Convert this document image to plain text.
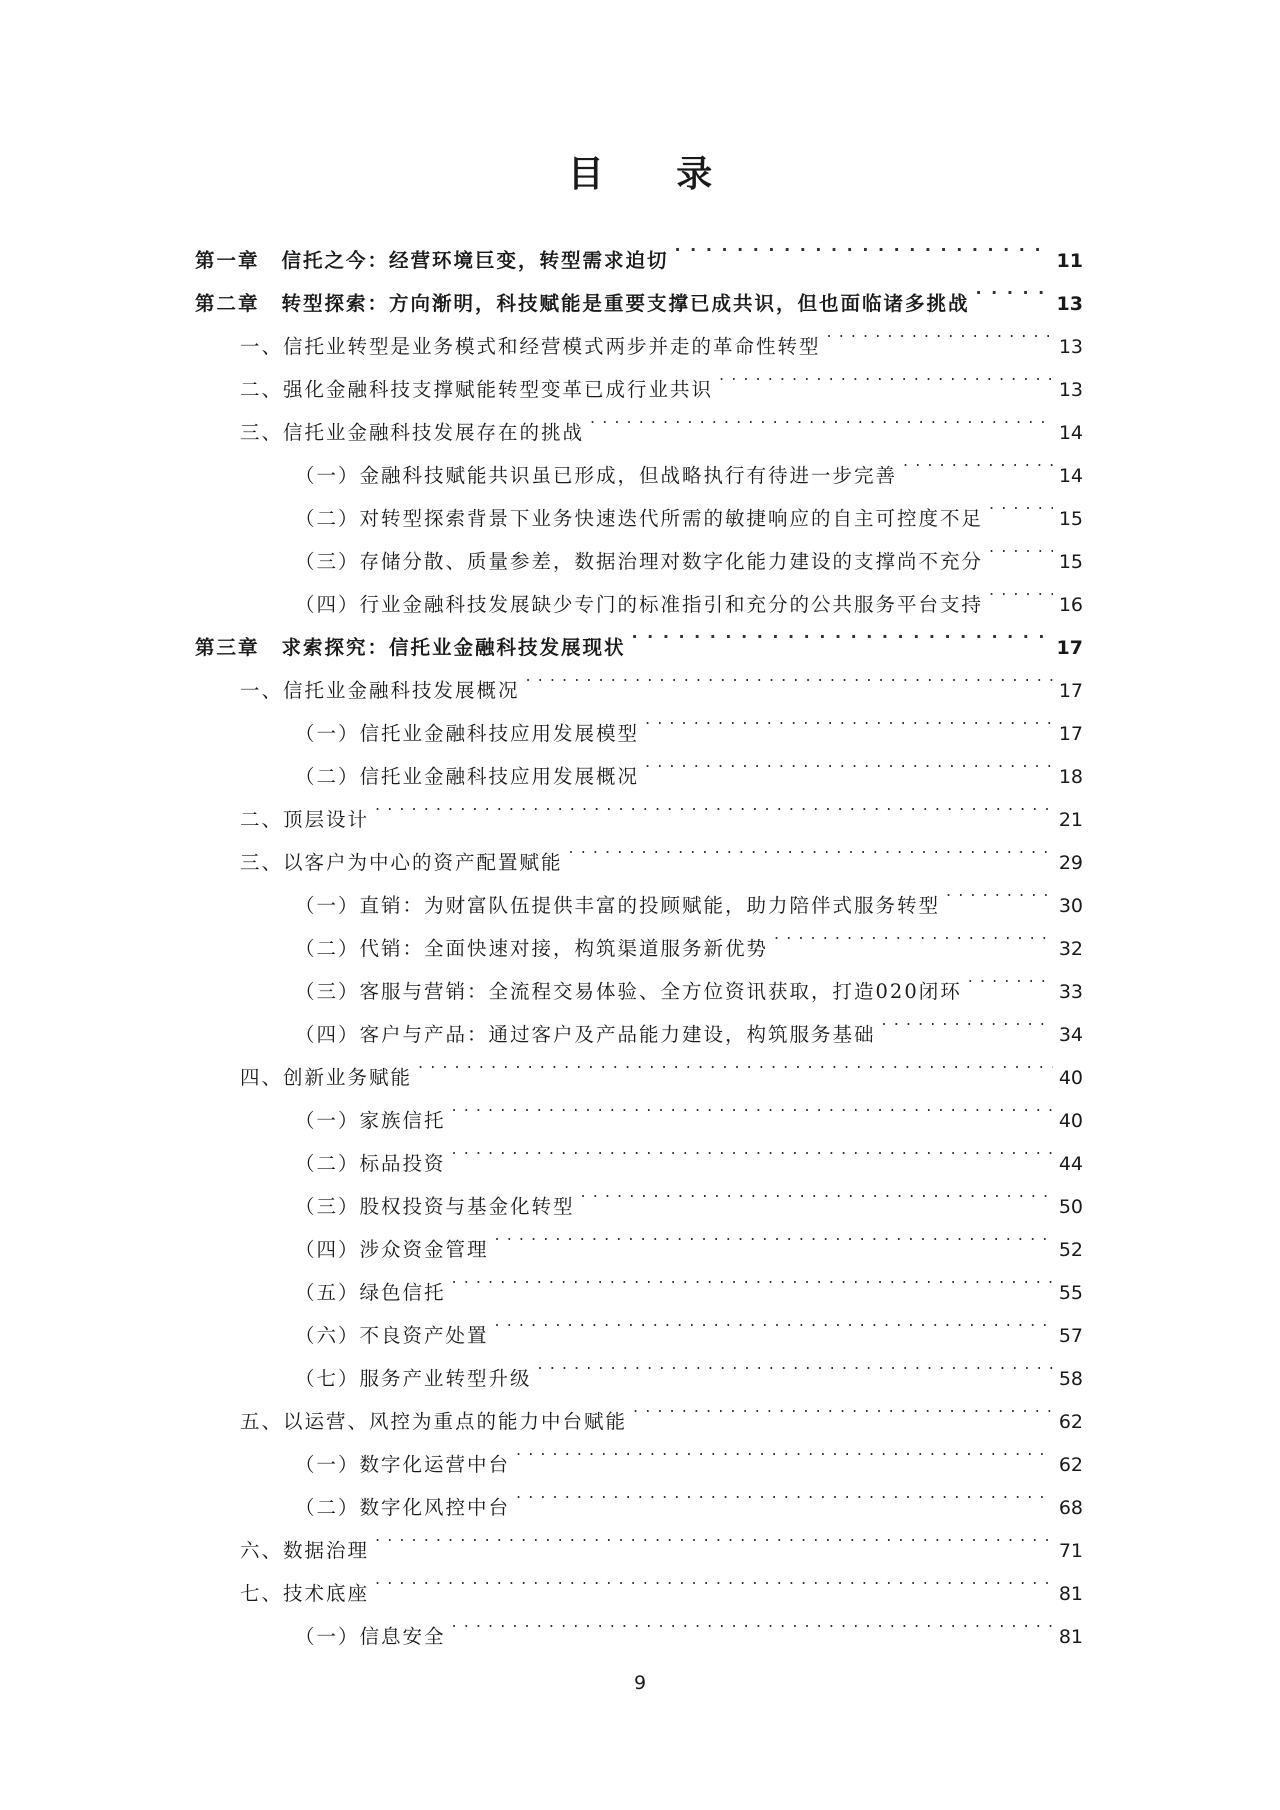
目 录
第一章 信托之今：经营环境巨变，转型需求迫切 . . .	11
第二章 转型探索：方向渐明，科技赋能是重要支撑已成共识，但也面临诸多挑战 . . .	13
一、信托业转型是业务模式和经营模式两步并走的革命性转型 . . .	13
二、强化金融科技支撑赋能转型变革已成行业共识 . . .	13
三、信托业金融科技发展存在的挑战 . . .	14
（一）金融科技赋能共识虽已形成，但战略执行有待进一步完善 . . .	14
（二）对转型探索背景下业务快速迭代所需的敏捷响应的自主可控度不足 . . .	15
（三）存储分散、质量参差，数据治理对数字化能力建设的支撑尚不充分 . . .	15
（四）行业金融科技发展缺少专门的标准指引和充分的公共服务平台支持 . . .	16
第三章 求索探究：信托业金融科技发展现状 . . .	17
一、信托业金融科技发展概况 . . .	17
（一）信托业金融科技应用发展模型 . . .	17
（二）信托业金融科技应用发展概况 . . .	18
二、顶层设计 . . .	21
三、以客户为中心的资产配置赋能 . . .	29
（一）直销：为财富队伍提供丰富的投顾赋能，助力陪伴式服务转型 . . .	30
（二）代销：全面快速对接，构筑渠道服务新优势 . . .	32
（三）客服与营销：全流程交易体验、全方位资讯获取，打造020闭环 . . .	33
（四）客户与产品：通过客户及产品能力建设，构筑服务基础 . . .	34
四、创新业务赋能 . . .	40
（一）家族信托 . . .	40
（二）标品投资 . . .	44
（三）股权投资与基金化转型 . . .	50
（四）涉众资金管理 . . .	52
（五）绿色信托 . . .	55
（六）不良资产处置 . . .	57
（七）服务产业转型升级 . . .	58
五、以运营、风控为重点的能力中台赋能 . . .	62
（一）数字化运营中台 . . .	62
（二）数字化风控中台 . . .	68
六、数据治理 . . .	71
七、技术底座 . . .	81
（一）信息安全 . . .	81
9
